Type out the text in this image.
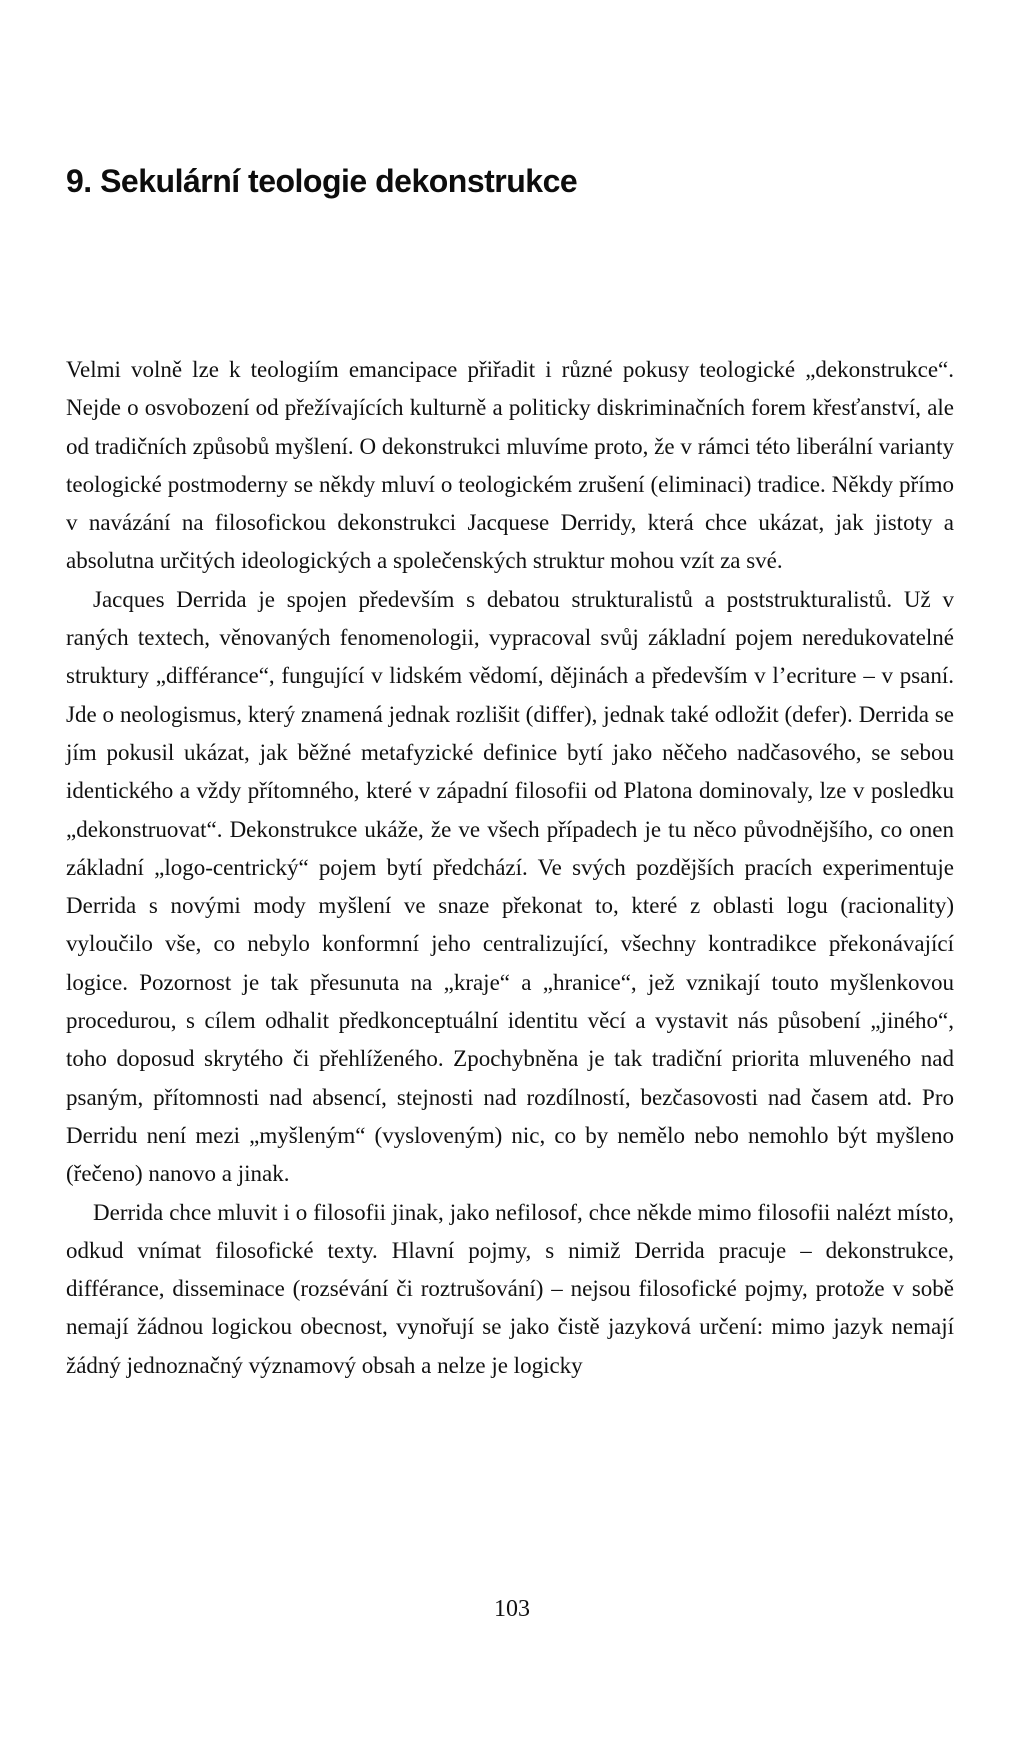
9. Sekulární teologie dekonstrukce

Velmi volně lze k teologiím emancipace přiřadit i různé pokusy teologické „dekonstrukce“. Nejde o osvobození od přežívajících kulturně a politicky diskriminačních forem křesťanství, ale od tradičních způsobů myšlení. O dekonstrukci mluvíme proto, že v rámci této liberální varianty teologické postmoderny se někdy mluví o teologickém zrušení (eliminaci) tradice. Někdy přímo v navázání na filosofickou dekonstrukci Jacquese Derridy, která chce ukázat, jak jistoty a absolutna určitých ideologických a společenských struktur mohou vzít za své.

Jacques Derrida je spojen především s debatou strukturalistů a poststrukturalistů. Už v raných textech, věnovaných fenomenologii, vypracoval svůj základní pojem neredukovatelné struktury „différance“, fungující v lidském vědomí, dějinách a především v l’ecriture – v psaní. Jde o neologismus, který znamená jednak rozlišit (differ), jednak také odložit (defer). Derrida se jím pokusil ukázat, jak běžné metafyzické definice bytí jako něčeho nadčasového, se sebou identického a vždy přítomného, které v západní filosofii od Platona dominovaly, lze v posledku „dekonstruovat“. Dekonstrukce ukáže, že ve všech případech je tu něco původnějšího, co onen základní „logo-centrický“ pojem bytí předchází. Ve svých pozdějších pracích experimentuje Derrida s novými mody myšlení ve snaze překonat to, které z oblasti logu (racionality) vyloučilo vše, co nebylo konformní jeho centralizující, všechny kontradikce překonávající logice. Pozornost je tak přesunuta na „kraje“ a „hranice“, jež vznikají touto myšlenkovou procedurou, s cílem odhalit předkonceptuální identitu věcí a vystavit nás působení „jiného“, toho doposud skrytého či přehlíženého. Zpochybněna je tak tradiční priorita mluveného nad psaným, přítomnosti nad absencí, stejnosti nad rozdílností, bezčasovosti nad časem atd. Pro Derridu není mezi „myšleným“ (vysloveným) nic, co by nemělo nebo nemohlo být myšleno (řečeno) nanovo a jinak.

Derrida chce mluvit i o filosofii jinak, jako nefilosof, chce někde mimo filosofii nalézt místo, odkud vnímat filosofické texty. Hlavní pojmy, s nimiž Derrida pracuje – dekonstrukce, différance, disseminace (rozsévání či roztrušování) – nejsou filosofické pojmy, protože v sobě nemají žádnou logickou obecnost, vynořují se jako čistě jazyková určení: mimo jazyk nemají žádný jednoznačný významový obsah a nelze je logicky

103
